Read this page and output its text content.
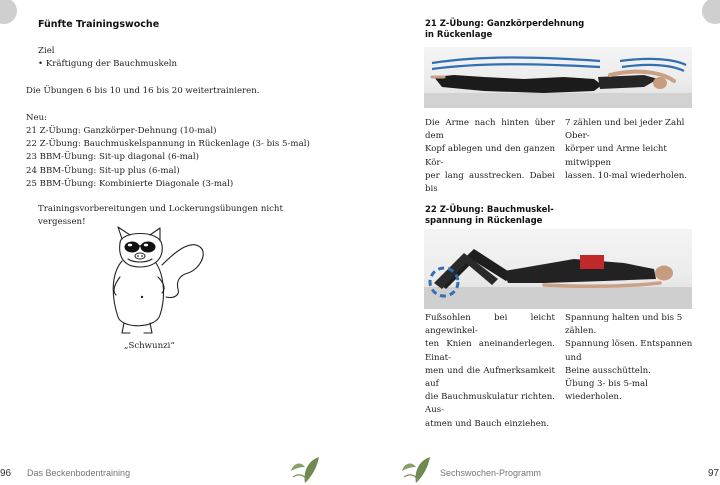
Fünfte Trainingswoche
Ziel
• Kräftigung der Bauchmuskeln
Die Übungen 6 bis 10 und 16 bis 20 weitertrainieren.
Neu:
21 Z-Übung: Ganzkörper-Dehnung (10-mal)
22 Z-Übung: Bauchmuskelspannung in Rückenlage (3- bis 5-mal)
23 BBM-Übung: Sit-up diagonal (6-mal)
24 BBM-Übung: Sit-up plus (6-mal)
25 BBM-Übung: Kombinierte Diagonale (3-mal)
Trainingsvorbereitungen und Lockerungsübungen nicht
vergessen!
„Schwunzi“
96 Das Beckenbodentraining
21 Z-Übung: Ganzkörperdehnung
in Rückenlage
Die Arme nach hinten über dem
Kopf ablegen und den ganzen Kör-
per lang ausstrecken. Dabei bis
7 zählen und bei jeder Zahl Ober-
körper und Arme leicht mitwippen
lassen. 10-mal wiederholen.
22 Z-Übung: Bauchmuskel-
spannung in Rückenlage
Fußsohlen bei leicht angewinkel-
ten Knien aneinanderlegen. Einat-
men und die Aufmerksamkeit auf
die Bauchmuskulatur richten. Aus-
atmen und Bauch einziehen.
Spannung halten und bis 5 zählen.
Spannung lösen. Entspannen und
Beine ausschütteln.
Übung 3- bis 5-mal wiederholen.
Sechswochen-Programm	97
